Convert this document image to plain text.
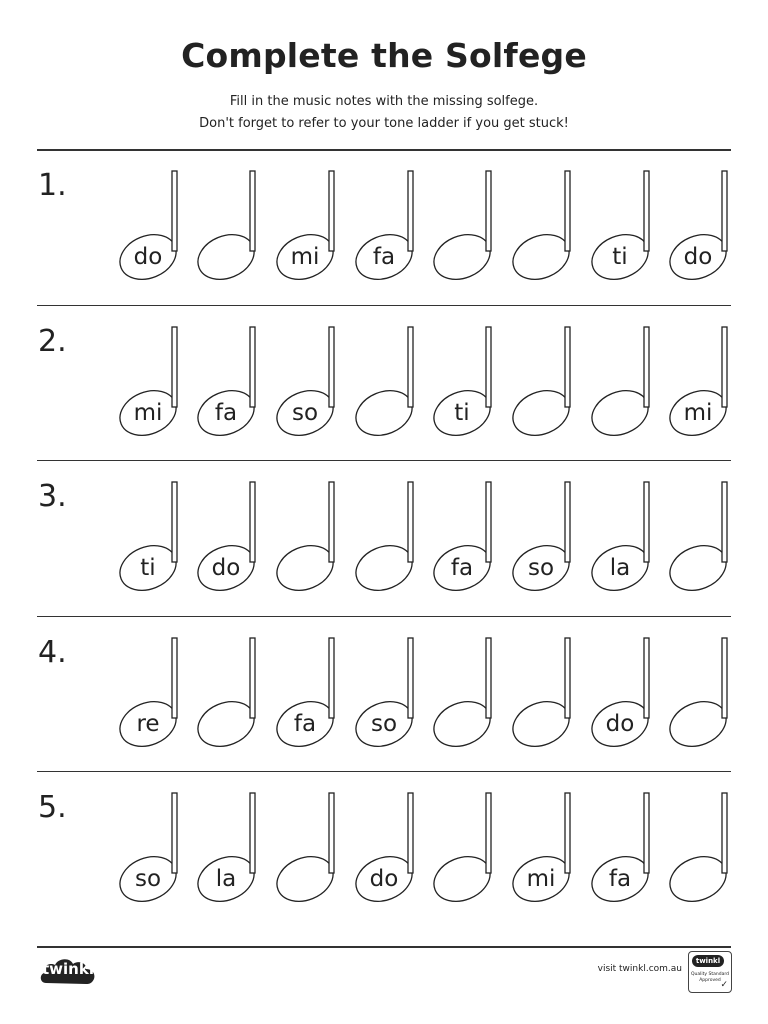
Complete the Solfege
Fill in the music notes with the missing solfege.
Don't forget to refer to your tone ladder if you get stuck!
1.
do	mi	fa	ti	do
2.
mi	fa	so	ti	mi
3.
ti	do	fa	so	la
4.
re	fa	so	do
5.
so	la	do	mi	fa
twinkl	visit twinkl.com.au
twinkl
Quality Standard Approved ✓
